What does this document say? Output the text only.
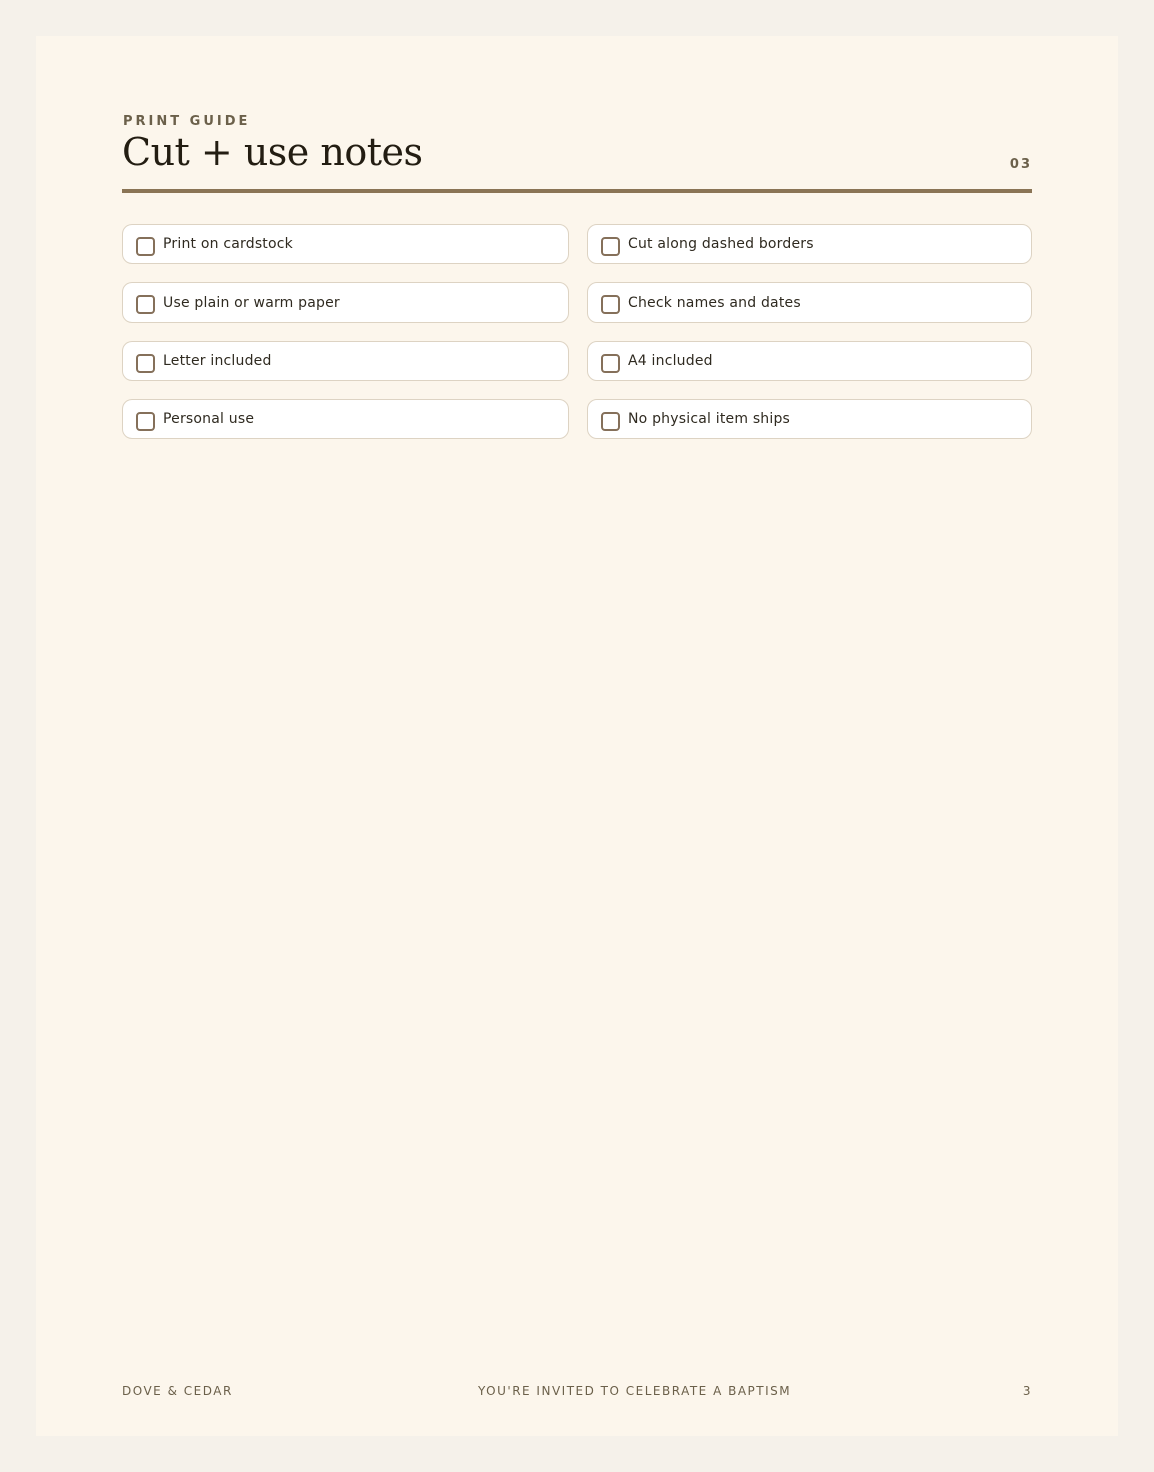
PRINT GUIDE
Cut + use notes	03
Print on cardstock	Cut along dashed borders
Use plain or warm paper	Check names and dates
Letter included	A4 included
Personal use	No physical item ships
DOVE & CEDAR	YOU'RE INVITED TO CELEBRATE A BAPTISM	3
